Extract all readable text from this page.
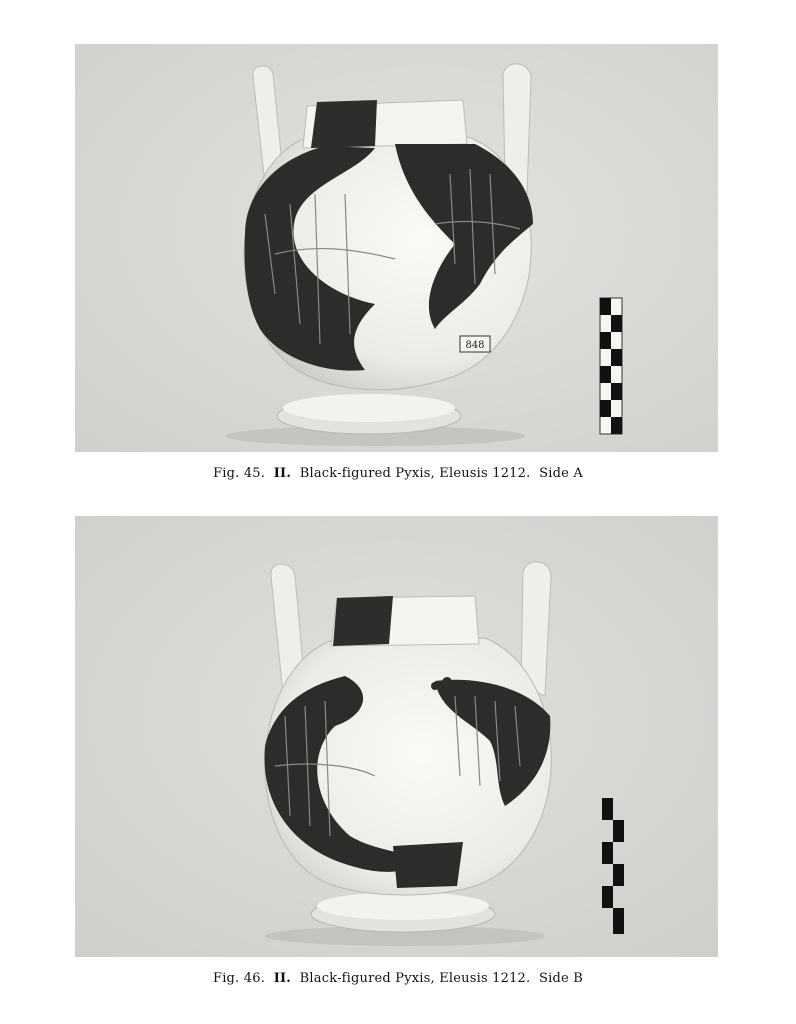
848
Fig. 45. II. Black-figured Pyxis, Eleusis 1212. Side A
Fig. 46. II. Black-figured Pyxis, Eleusis 1212. Side B
